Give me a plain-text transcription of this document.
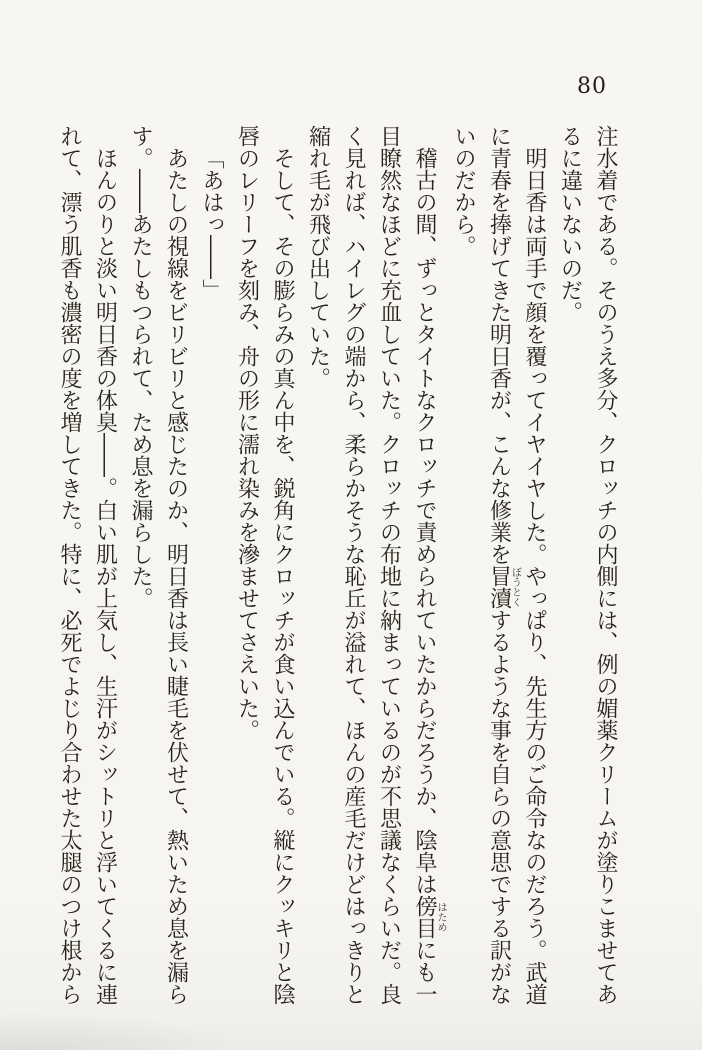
80

注水着である。そのうえ多分、クロッチの内側には、例の媚薬クリームが塗りこませてあるに違いないのだ。

明日香は両手で顔を覆ってイヤイヤした。やっぱり、先生方のご命令なのだろう。武道に青春を捧げてきた明日香が、こんな修業を冒瀆ぼうとくするような事を自らの意思でする訳がないのだから。

稽古の間、ずっとタイトなクロッチで責められていたからだろうか、陰阜は傍目はためにも一目瞭然なほどに充血していた。クロッチの布地に納まっているのが不思議なくらいだ。良く見れば、ハイレグの端から、柔らかそうな恥丘が溢れて、ほんの産毛だけどはっきりと縮れ毛が飛び出していた。

そして、その膨らみの真ん中を、鋭角にクロッチが食い込んでいる。縦にクッキリと陰唇のレリーフを刻み、舟の形に濡れ染みを滲ませてさえいた。

「あはっ――」

あたしの視線をビリビリと感じたのか、明日香は長い睫毛を伏せて、熱いため息を漏らす。――あたしもつられて、ため息を漏らした。

ほんのりと淡い明日香の体臭――。白い肌が上気し、生汗がシットリと浮いてくるに連れて、漂う肌香も濃密の度を増してきた。特に、必死でよじり合わせた太腿のつけ根から
